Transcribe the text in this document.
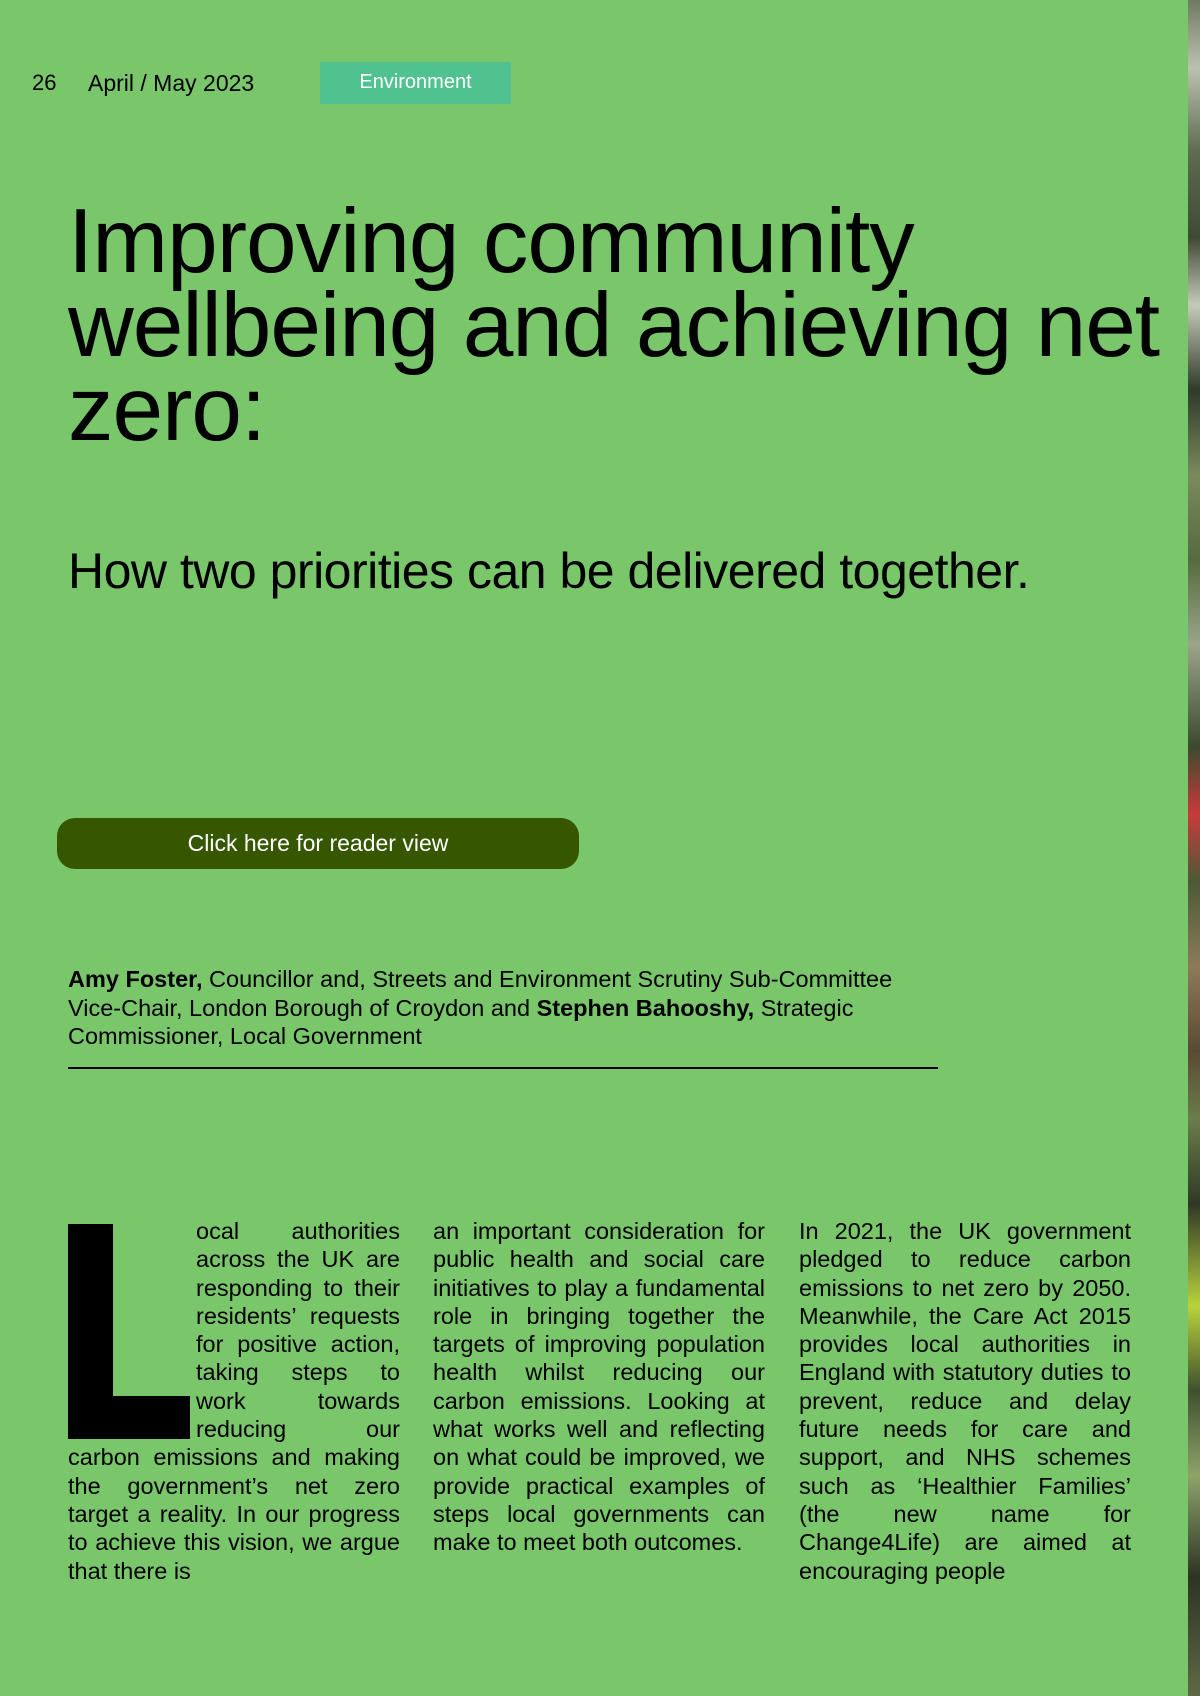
26 April / May 2023	Environment
Improving community wellbeing and achieving net zero:
How two priorities can be delivered together.
Click here for reader view
Amy Foster, Councillor and, Streets and Environment Scrutiny Sub-Committee Vice-Chair, London Borough of Croydon and Stephen Bahooshy, Strategic Commissioner, Local Government

ocal authorities across the UK are responding to their residents’ requests for positive action, taking steps to work towards reducing our carbon emissions and making the government’s net zero target a reality. In our progress to achieve this vision, we argue that there is

an important consideration for public health and social care initiatives to play a fundamental role in bringing together the targets of improving population health whilst reducing our carbon emissions. Looking at what works well and reflecting on what could be improved, we provide practical examples of steps local governments can make to meet both outcomes.

In 2021, the UK government pledged to reduce carbon emissions to net zero by 2050. Meanwhile, the Care Act 2015 provides local authorities in England with statutory duties to prevent, reduce and delay future needs for care and support, and NHS schemes such as ‘Healthier Families’ (the new name for Change4Life) are aimed at encouraging people
